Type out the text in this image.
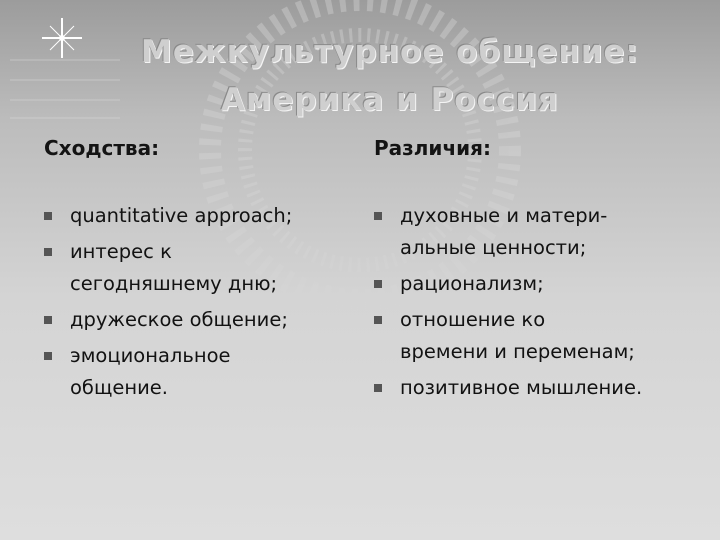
Межкультурное общение:
Америка и Россия
Сходства:
quantitative approach;
интерес к
сегодняшнему дню;
дружеское общение;
эмоциональное
общение.
Различия:
духовные и матери-
альные ценности;
рационализм;
отношение ко
времени и переменам;
позитивное мышление.
